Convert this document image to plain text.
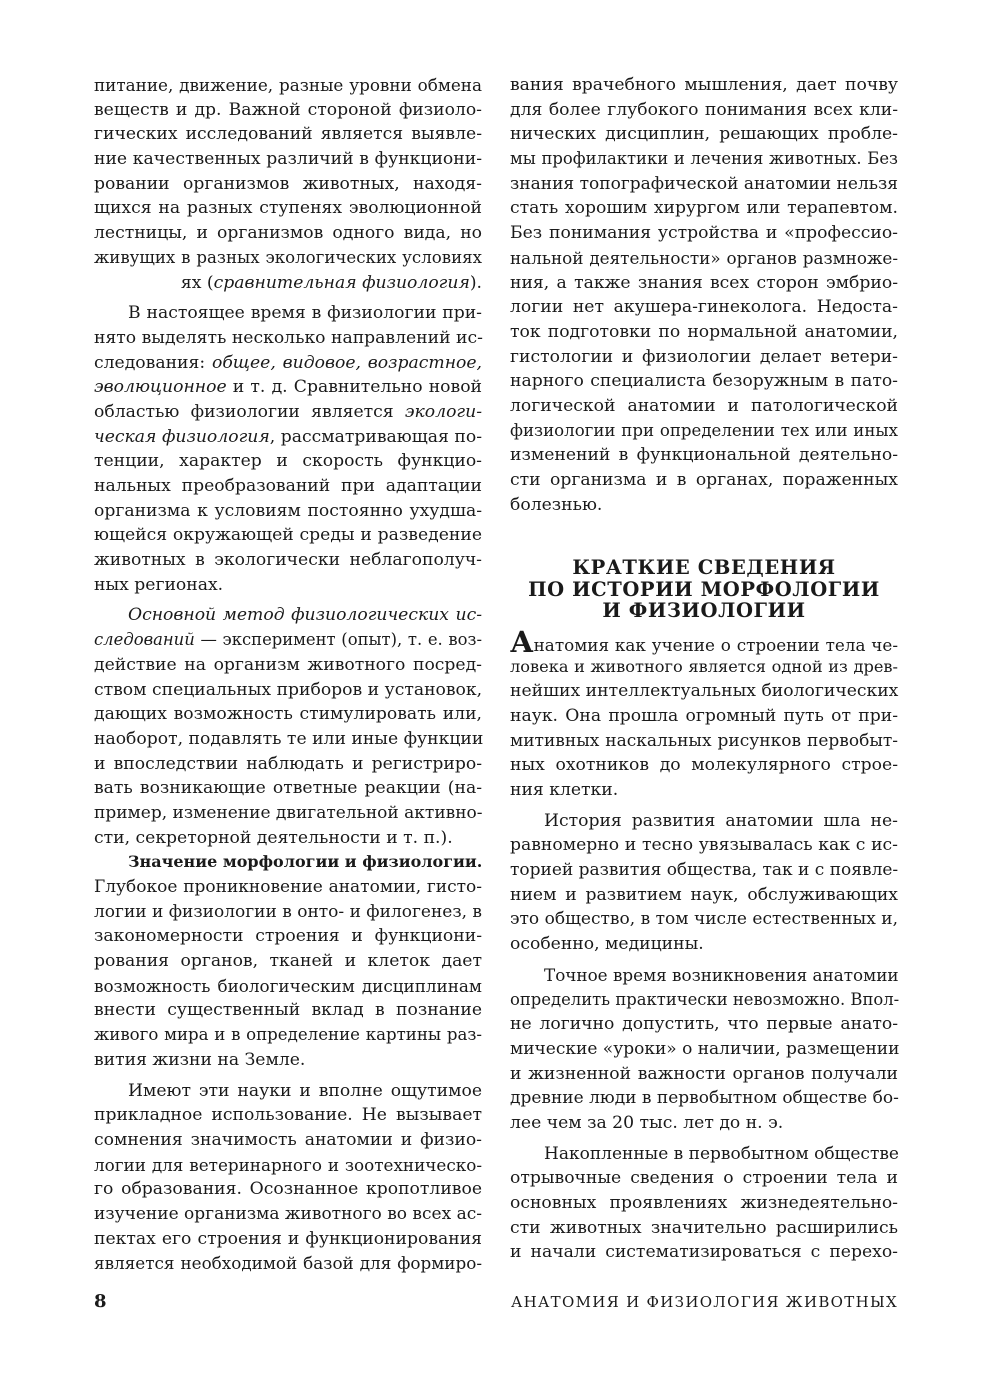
питание, движение, разные уровни обмена
веществ и др. Важной стороной физиоло-
гических исследований является выявле-
ние качественных различий в функциони-
ровании организмов животных, находя-
щихся на разных ступенях эволюционной
лестницы, и организмов одного вида, но
живущих в разных экологических условиях
ях (сравнительная физиология).
В настоящее время в физиологии при-
нято выделять несколько направлений ис-
следования: общее, видовое, возрастное,
эволюционное и т. д. Сравнительно новой
областью физиологии является экологи-
ческая физиология, рассматривающая по-
тенции, характер и скорость функцио-
нальных преобразований при адаптации
организма к условиям постоянно ухудша-
ющейся окружающей среды и разведение
животных в экологически неблагополуч-
ных регионах.
Основной метод физиологических ис-
следований — эксперимент (опыт), т. е. воз-
действие на организм животного посред-
ством специальных приборов и установок,
дающих возможность стимулировать или,
наоборот, подавлять те или иные функции
и впоследствии наблюдать и регистриро-
вать возникающие ответные реакции (на-
пример, изменение двигательной активно-
сти, секреторной деятельности и т. п.).
Значение морфологии и физиологии.
Глубокое проникновение анатомии, гисто-
логии и физиологии в онто- и филогенез, в
закономерности строения и функциони-
рования органов, тканей и клеток дает
возможность биологическим дисциплинам
внести существенный вклад в познание
живого мира и в определение картины раз-
вития жизни на Земле.
Имеют эти науки и вполне ощутимое
прикладное использование. Не вызывает
сомнения значимость анатомии и физио-
логии для ветеринарного и зоотехническо-
го образования. Осознанное кропотливое
изучение организма животного во всех ас-
пектах его строения и функционирования
является необходимой базой для формиро-
вания врачебного мышления, дает почву
для более глубокого понимания всех кли-
нических дисциплин, решающих пробле-
мы профилактики и лечения животных. Без
знания топографической анатомии нельзя
стать хорошим хирургом или терапевтом.
Без понимания устройства и «профессио-
нальной деятельности» органов размноже-
ния, а также знания всех сторон эмбрио-
логии нет акушера-гинеколога. Недоста-
ток подготовки по нормальной анатомии,
гистологии и физиологии делает ветери-
нарного специалиста безоружным в пато-
логической анатомии и патологической
физиологии при определении тех или иных
изменений в функциональной деятельно-
сти организма и в органах, пораженных
болезнью.
КРАТКИЕ СВЕДЕНИЯ
ПО ИСТОРИИ МОРФОЛОГИИ
И ФИЗИОЛОГИИ
Анатомия как учение о строении тела че-
ловека и животного является одной из древ-
нейших интеллектуальных биологических
наук. Она прошла огромный путь от при-
митивных наскальных рисунков первобыт-
ных охотников до молекулярного строе-
ния клетки.
История развития анатомии шла не-
равномерно и тесно увязывалась как с ис-
торией развития общества, так и с появле-
нием и развитием наук, обслуживающих
это общество, в том числе естественных и,
особенно, медицины.
Точное время возникновения анатомии
определить практически невозможно. Впол-
не логично допустить, что первые анато-
мические «уроки» о наличии, размещении
и жизненной важности органов получали
древние люди в первобытном обществе бо-
лее чем за 20 тыс. лет до н. э.
Накопленные в первобытном обществе
отрывочные сведения о строении тела и
основных проявлениях жизнедеятельно-
сти животных значительно расширились
и начали систематизироваться с перехо-
8	АНАТОМИЯ И ФИЗИОЛОГИЯ ЖИВОТНЫХ
